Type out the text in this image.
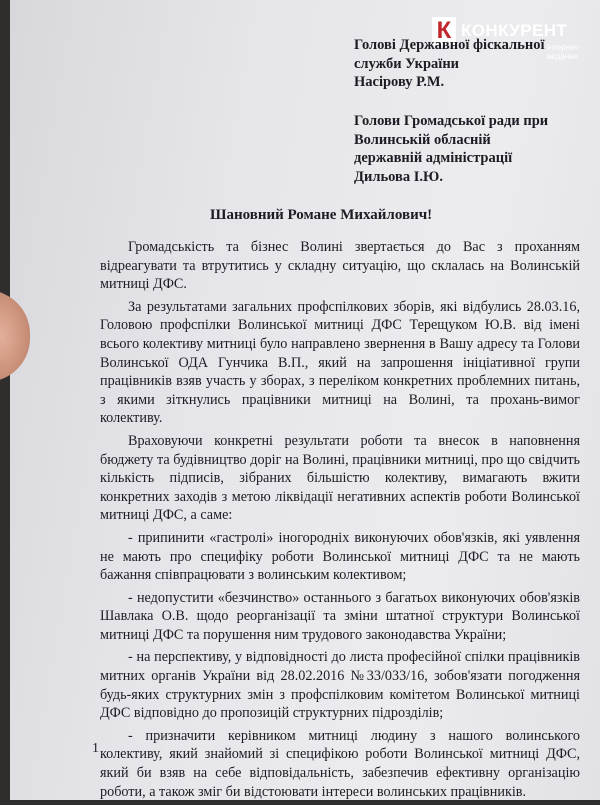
К КОНКУРЕНТ
інтернет-видання
Голові Державної фіскальної
служби України
Насірову Р.М.
Голови Громадської ради при
Волинській обласній
державній адміністрації
Дильова І.Ю.
Шановний Романе Михайлович!

Громадськість та бізнес Волині звертається до Вас з проханням відреагувати та втрутитись у складну ситуацію, що склалась на Волинській митниці ДФС.

За результатами загальних профспілкових зборів, які відбулись 28.03.16, Головою профспілки Волинської митниці ДФС Терещуком Ю.В. від імені всього колективу митниці було направлено звернення в Вашу адресу та Голови Волинської ОДА Гунчика В.П., який на запрошення ініціативної групи працівників взяв участь у зборах, з переліком конкретних проблемних питань, з якими зіткнулись працівники митниці на Волині, та прохань-вимог колективу.

Враховуючи конкретні результати роботи та внесок в наповнення бюджету та будівництво доріг на Волині, працівники митниці, про що свідчить кількість підписів, зібраних більшістю колективу, вимагають вжити конкретних заходів з метою ліквідації негативних аспектів роботи Волинської митниці ДФС, а саме:

- припинити «гастролі» іногородніх виконуючих обов'язків, які уявлення не мають про специфіку роботи Волинської митниці ДФС та не мають бажання співпрацювати з волинським колективом;

- недопустити «безчинство» останнього з багатьох виконуючих обов'язків Шавлака О.В. щодо реорганізації та зміни штатної структури Волинської митниці ДФС та порушення ним трудового законодавства України;

- на перспективу, у відповідності до листа професійної спілки працівників митних органів України від 28.02.2016 №33/033/16, зобов'язати погодження будь-яких структурних змін з профспілковим комітетом Волинської митниці ДФС відповідно до пропозицій структурних підрозділів;

- призначити керівником митниці людину з нашого волинського колективу, який знайомий зі специфікою роботи Волинської митниці ДФС, який би взяв на себе відповідальність, забезпечив ефективну організацію роботи, а також зміг би відстоювати інтереси волинських працівників.

1
